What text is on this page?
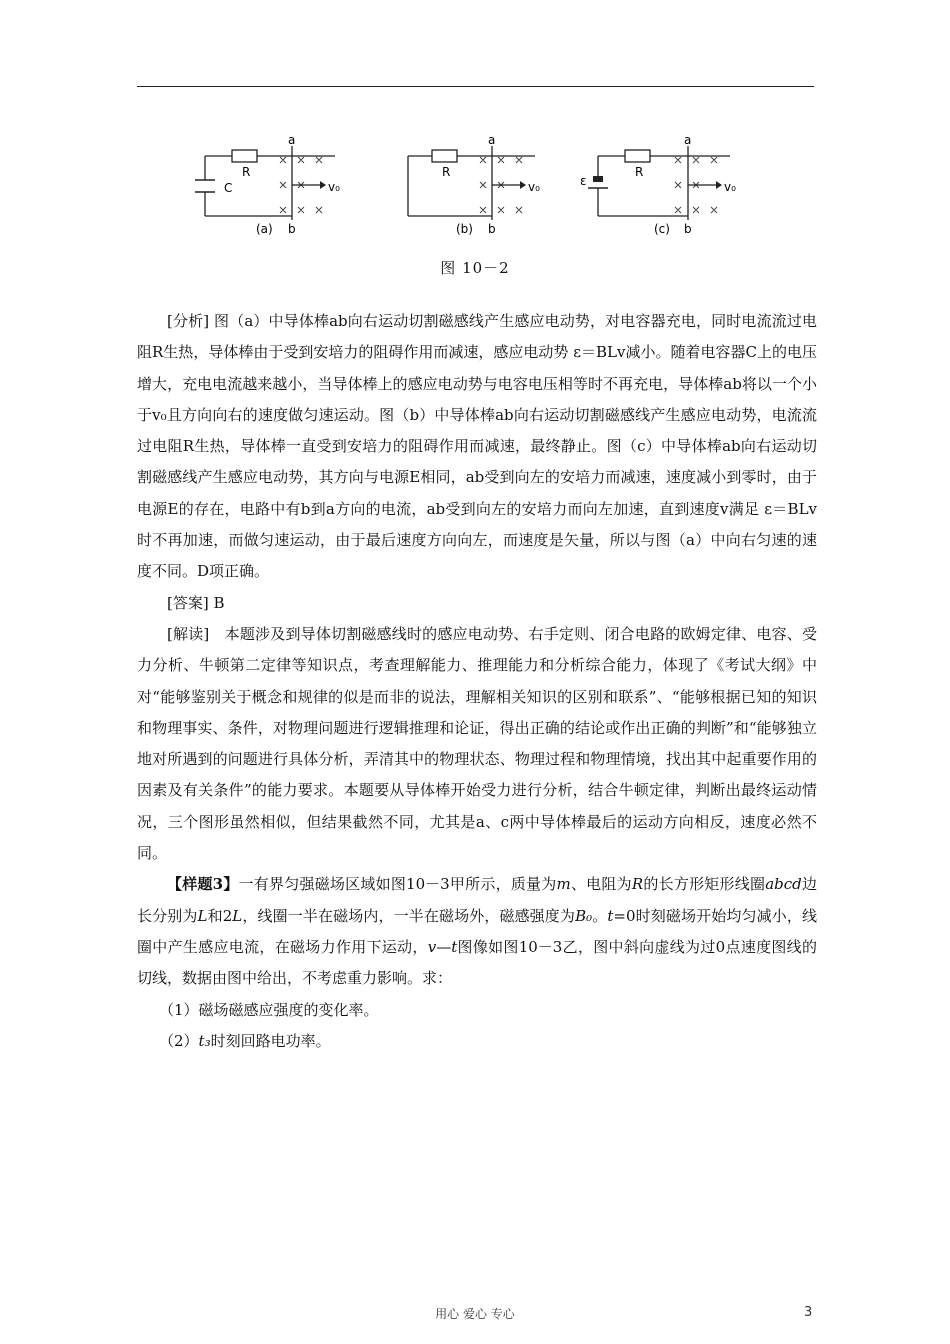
C
R
a
b
v₀
(a)
R
a
b
v₀
(b)
ε
R
a
b
v₀
(c)
图 10－2

[分析] 图（a）中导体棒ab向右运动切割磁感线产生感应电动势，对电容器充电，同时电流流过电阻R生热，导体棒由于受到安培力的阻碍作用而减速，感应电动势 ε＝BLv减小。随着电容器C上的电压增大，充电电流越来越小，当导体棒上的感应电动势与电容电压相等时不再充电，导体棒ab将以一个小于v₀且方向向右的速度做匀速运动。图（b）中导体棒ab向右运动切割磁感线产生感应电动势，电流流过电阻R生热，导体棒一直受到安培力的阻碍作用而减速，最终静止。图（c）中导体棒ab向右运动切割磁感线产生感应电动势，其方向与电源E相同，ab受到向左的安培力而减速，速度减小到零时，由于电源E的存在，电路中有b到a方向的电流，ab受到向左的安培力而向左加速，直到速度v满足 ε＝BLv时不再加速，而做匀速运动，由于最后速度方向向左，而速度是矢量，所以与图（a）中向右匀速的速度不同。D项正确。

[答案] B

[解读]　本题涉及到导体切割磁感线时的感应电动势、右手定则、闭合电路的欧姆定律、电容、受力分析、牛顿第二定律等知识点，考查理解能力、推理能力和分析综合能力，体现了《考试大纲》中对“能够鉴别关于概念和规律的似是而非的说法，理解相关知识的区别和联系”、“能够根据已知的知识和物理事实、条件，对物理问题进行逻辑推理和论证，得出正确的结论或作出正确的判断”和“能够独立地对所遇到的问题进行具体分析，弄清其中的物理状态、物理过程和物理情境，找出其中起重要作用的因素及有关条件”的能力要求。本题要从导体棒开始受力进行分析，结合牛顿定律，判断出最终运动情况，三个图形虽然相似，但结果截然不同，尤其是a、c两中导体棒最后的运动方向相反，速度必然不同。

【样题3】一有界匀强磁场区域如图10－3甲所示，质量为m、电阻为R的长方形矩形线圈abcd边长分别为L和2L，线圈一半在磁场内，一半在磁场外，磁感强度为B₀。t=0时刻磁场开始均匀减小，线圈中产生感应电流，在磁场力作用下运动，v—t图像如图10－3乙，图中斜向虚线为过0点速度图线的切线，数据由图中给出，不考虑重力影响。求：

（1）磁场磁感应强度的变化率。

（2）t₃时刻回路电功率。

用心 爱心 专心	3
